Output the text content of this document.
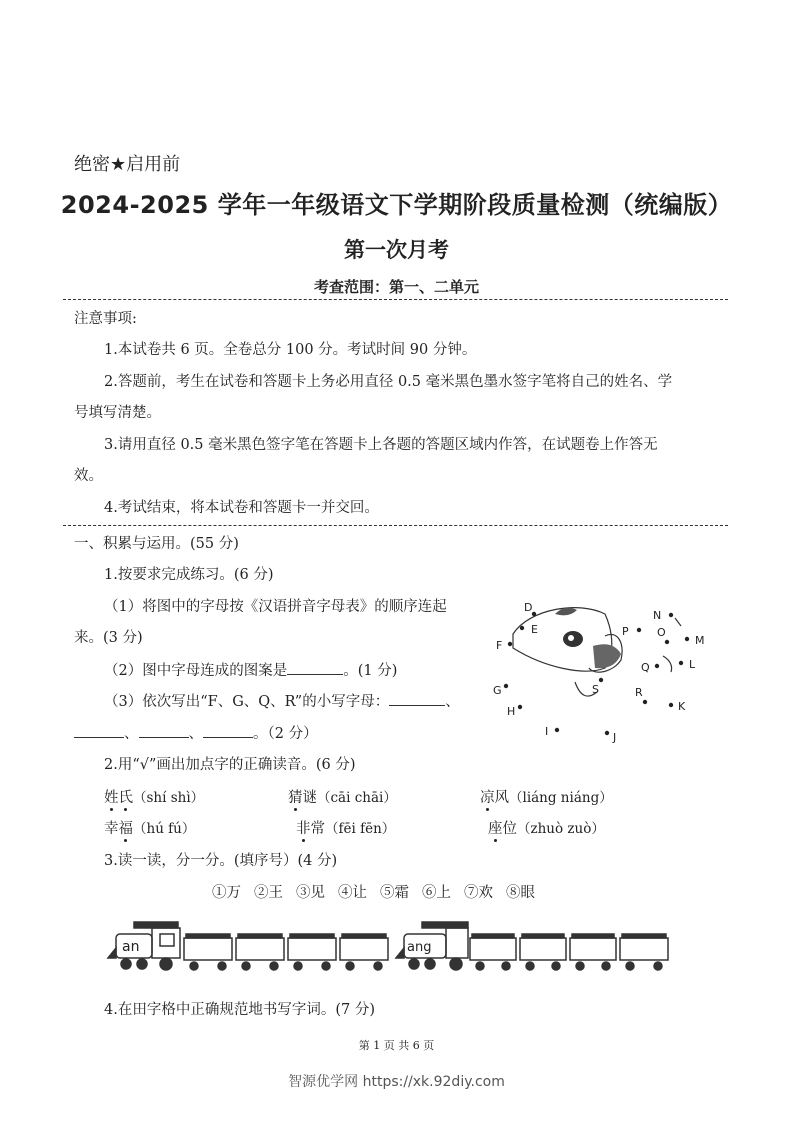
绝密★启用前
2024-2025 学年一年级语文下学期阶段质量检测（统编版）
第一次月考
考查范围：第一、二单元
注意事项:
1.本试卷共 6 页。全卷总分 100 分。考试时间 90 分钟。
2.答题前，考生在试卷和答题卡上务必用直径 0.5 毫米黑色墨水签字笔将自己的姓名、学
号填写清楚。
3.请用直径 0.5 毫米黑色签字笔在答题卡上各题的答题区域内作答，在试题卷上作答无
效。
4.考试结束，将本试卷和答题卡一并交回。
一、积累与运用。(55 分)
1.按要求完成练习。(6 分)
（1）将图中的字母按《汉语拼音字母表》的顺序连起
来。(3 分)
（2）图中字母连成的图案是	。(1 分)
（3）依次写出“F、G、Q、R”的小写字母：	、
、	、	。（2 分）
D
E
F
G
H
I	J
K
L
M
N
O
P
Q
R
S
2.用“√”画出加点字的正确读音。(6 分)
姓氏（shí shì）	猜谜（cāi chāi）	凉风（liáng niáng）
幸福（hú fú）	非常（fēi fēn）	座位（zhuò zuò）
3.读一读，分一分。(填序号）(4 分)
①万 ②王 ③见 ④让 ⑤霜 ⑥上 ⑦欢 ⑧眼
an	ang
4.在田字格中正确规范地书写字词。(7 分)
第 1 页 共 6 页
智源优学网 https://xk.92diy.com
